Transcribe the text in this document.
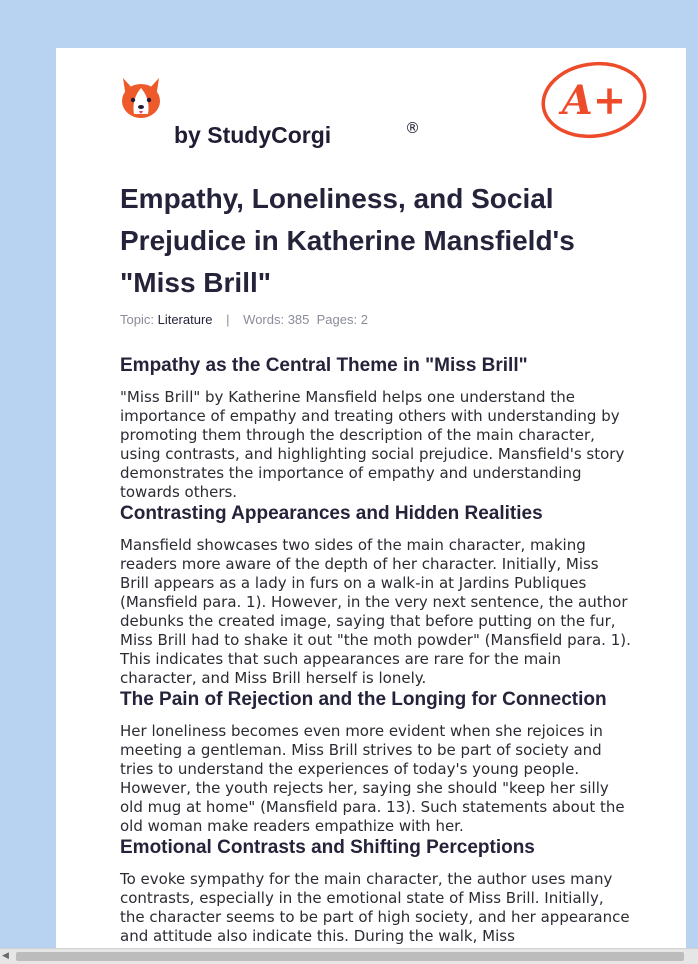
by StudyCorgi	®
A+
Empathy, Loneliness, and Social Prejudice in Katherine Mansfield's "Miss Brill"
Topic: Literature | Words: 385 Pages: 2
Empathy as the Central Theme in "Miss Brill"

"Miss Brill" by Katherine Mansfield helps one understand the importance of empathy and treating others with understanding by promoting them through the description of the main character, using contrasts, and highlighting social prejudice. Mansfield's story demonstrates the importance of empathy and understanding towards others.

Contrasting Appearances and Hidden Realities

Mansfield showcases two sides of the main character, making readers more aware of the depth of her character. Initially, Miss Brill appears as a lady in furs on a walk-in at Jardins Publiques (Mansfield para. 1). However, in the very next sentence, the author debunks the created image, saying that before putting on the fur, Miss Brill had to shake it out "the moth powder" (Mansfield para. 1). This indicates that such appearances are rare for the main character, and Miss Brill herself is lonely.

The Pain of Rejection and the Longing for Connection

Her loneliness becomes even more evident when she rejoices in meeting a gentleman. Miss Brill strives to be part of society and tries to understand the experiences of today's young people. However, the youth rejects her, saying she should "keep her silly old mug at home" (Mansfield para. 13). Such statements about the old woman make readers empathize with her.

Emotional Contrasts and Shifting Perceptions

To evoke sympathy for the main character, the author uses many contrasts, especially in the emotional state of Miss Brill. Initially, the character seems to be part of high society, and her appearance and attitude also indicate this. During the walk, Miss

◀
